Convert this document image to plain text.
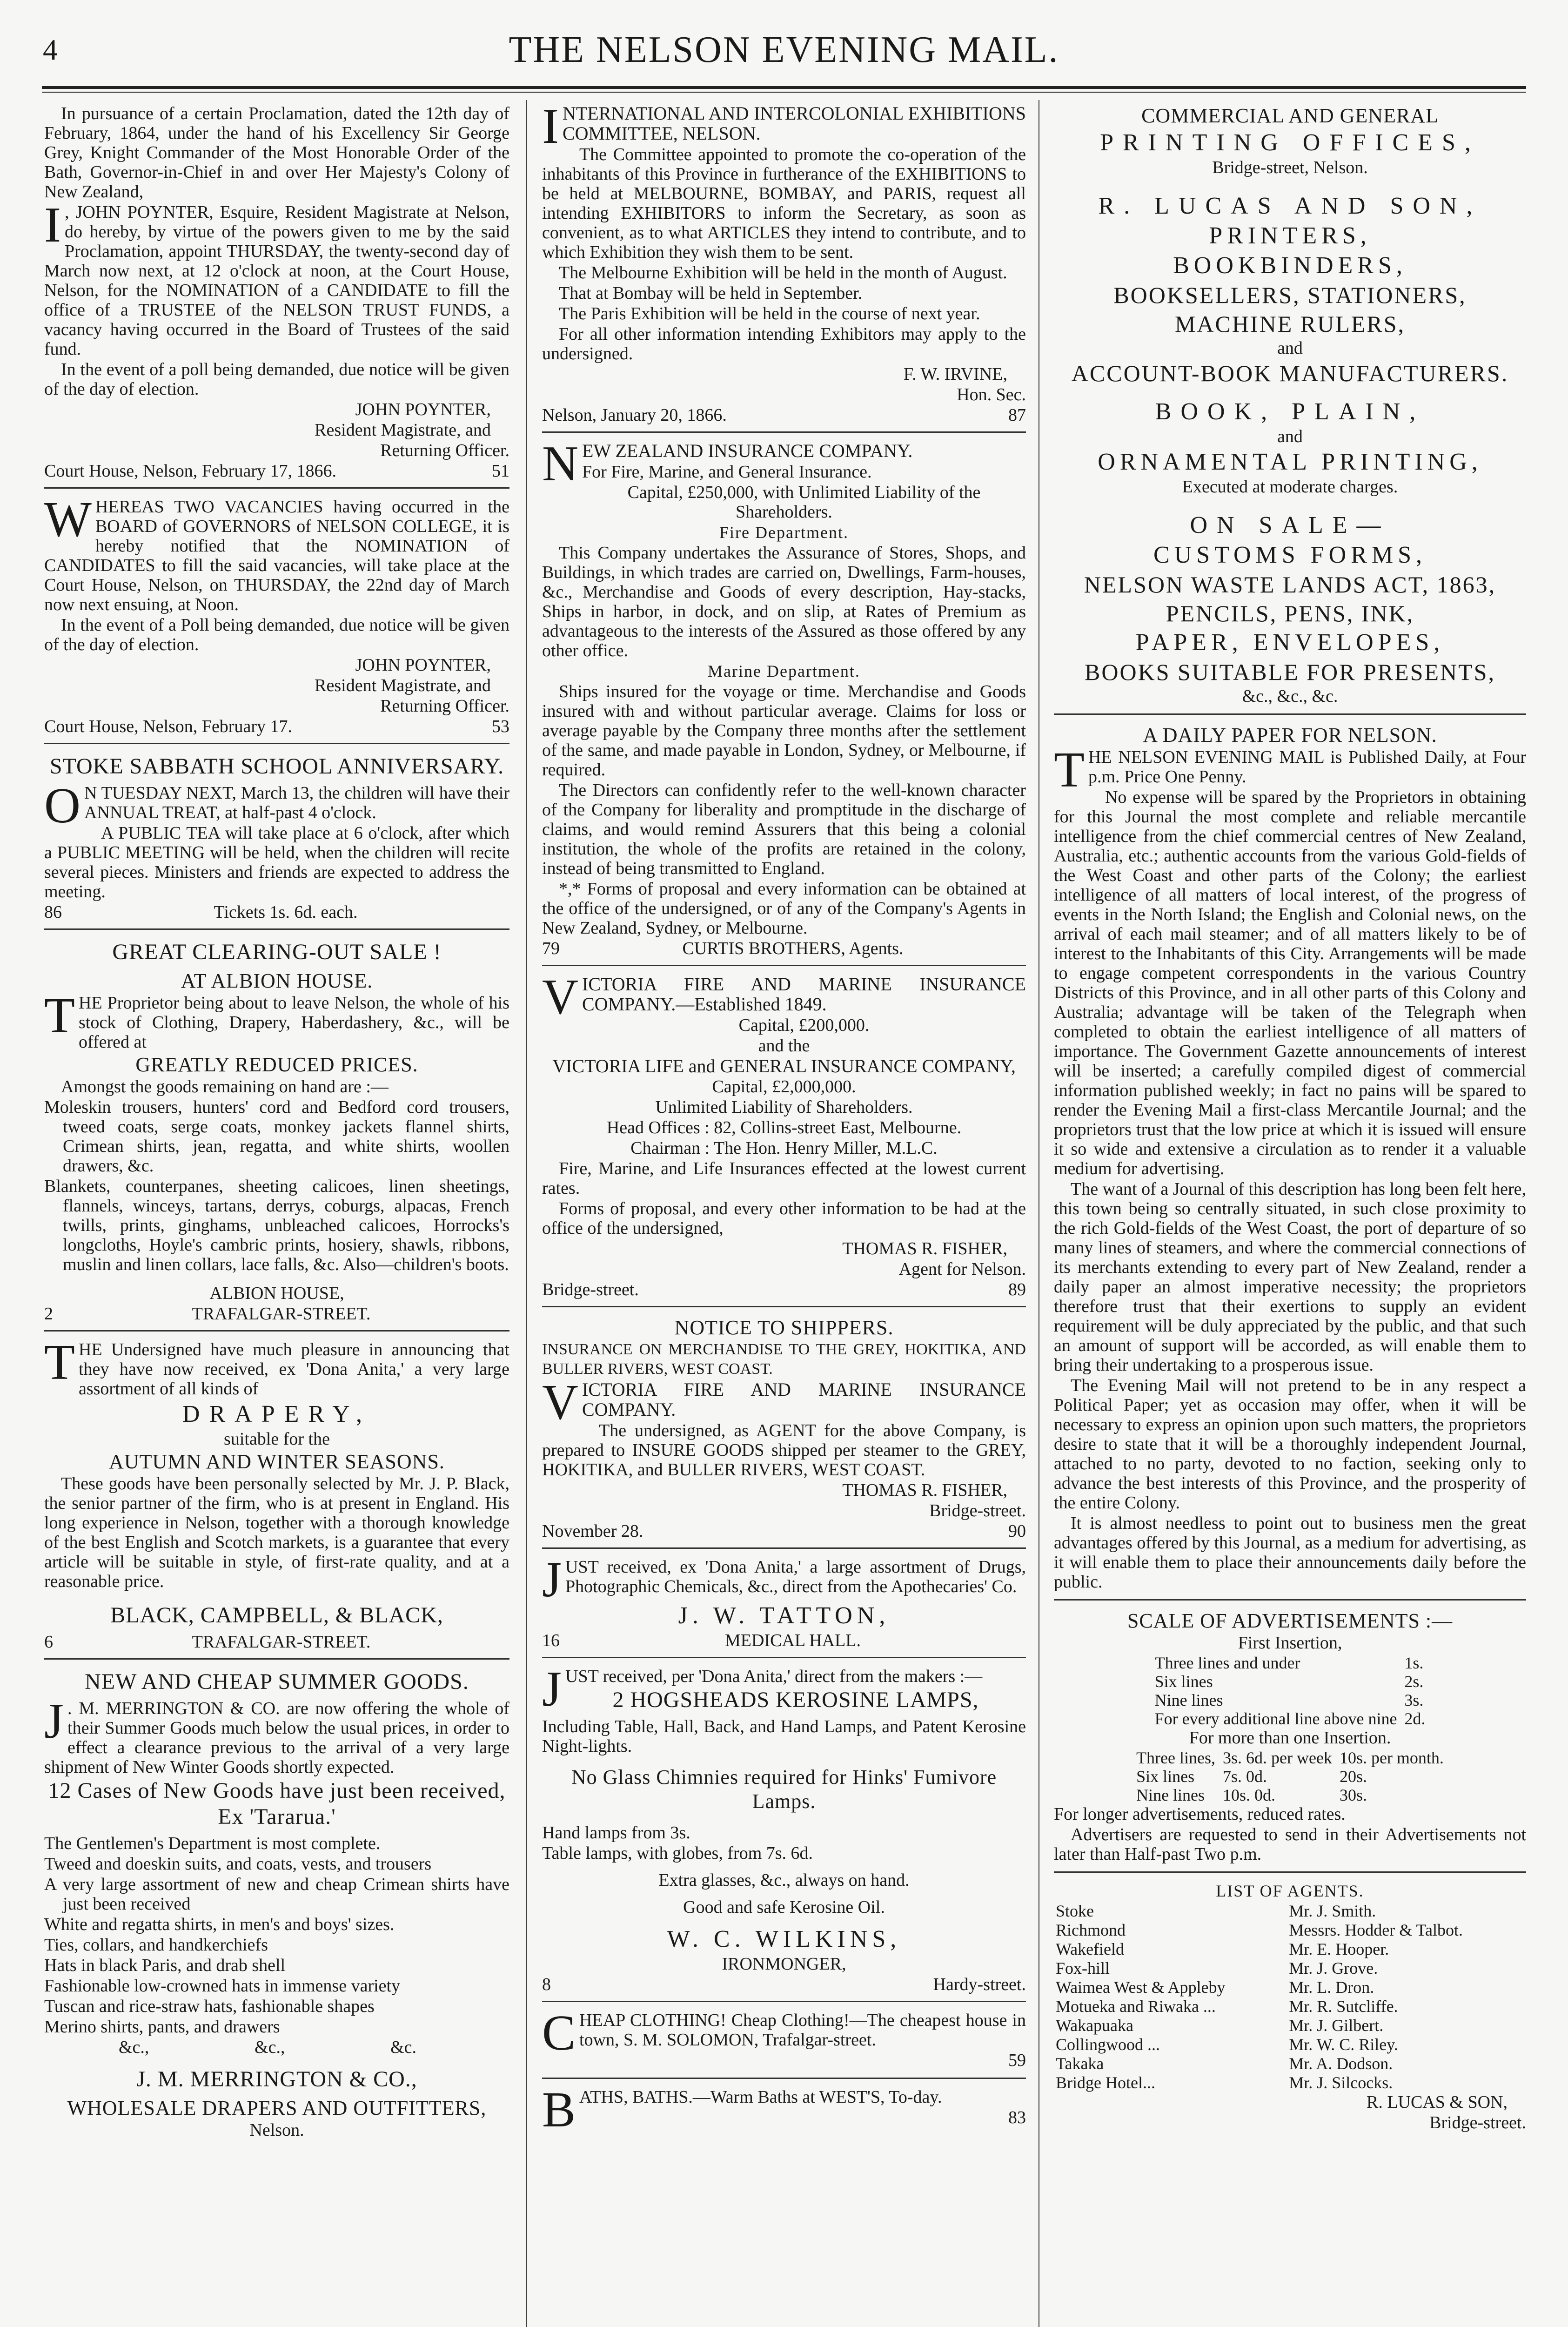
4	THE NELSON EVENING MAIL.

In pursuance of a certain Proclamation, dated the 12th day of February, 1864, under the hand of his Excellency Sir George Grey, Knight Commander of the Most Honorable Order of the Bath, Governor-in-Chief in and over Her Majesty's Colony of New Zealand,

I , JOHN POYNTER, Esquire, Resident Magistrate at Nelson, do hereby, by virtue of the powers given to me by the said Proclamation, appoint THURSDAY, the twenty-second day of March now next, at 12 o'clock at noon, at the Court House, Nelson, for the NOMINATION of a CANDIDATE to fill the office of a TRUSTEE of the NELSON TRUST FUNDS, a vacancy having occurred in the Board of Trustees of the said fund.

In the event of a poll being demanded, due notice will be given of the day of election.

JOHN POYNTER,

Resident Magistrate, and

Returning Officer.

Court House, Nelson, February 17, 1866.	51

WHEREAS TWO VACANCIES having occurred in the BOARD of GOVERNORS of NELSON COLLEGE, it is hereby notified that the NOMINATION of CANDIDATES to fill the said vacancies, will take place at the Court House, Nelson, on THURSDAY, the 22nd day of March now next ensuing, at Noon.

In the event of a Poll being demanded, due notice will be given of the day of election.

JOHN POYNTER,

Resident Magistrate, and

Returning Officer.

Court House, Nelson, February 17.	53
STOKE SABBATH SCHOOL ANNIVERSARY.

O N TUESDAY NEXT, March 13, the children will have their ANNUAL TREAT, at half-past 4 o'clock.

A PUBLIC TEA will take place at 6 o'clock, after which a PUBLIC MEETING will be held, when the children will recite several pieces. Ministers and friends are expected to address the meeting.

86	Tickets 1s. 6d. each.
GREAT CLEARING-OUT SALE !
AT ALBION HOUSE.

THE Proprietor being about to leave Nelson, the whole of his stock of Clothing, Drapery, Haberdashery, &c., will be offered at

GREATLY REDUCED PRICES.

Amongst the goods remaining on hand are :—

Moleskin trousers, hunters' cord and Bedford cord trousers, tweed coats, serge coats, monkey jackets flannel shirts, Crimean shirts, jean, regatta, and white shirts, woollen drawers, &c.

Blankets, counterpanes, sheeting calicoes, linen sheetings, flannels, winceys, tartans, derrys, coburgs, alpacas, French twills, prints, ginghams, unbleached calicoes, Horrocks's longcloths, Hoyle's cambric prints, hosiery, shawls, ribbons, muslin and linen collars, lace falls, &c. Also—children's boots.

ALBION HOUSE,

2	TRAFALGAR-STREET.

THE Undersigned have much pleasure in announcing that they have now received, ex 'Dona Anita,' a very large assortment of all kinds of

DRAPERY,

suitable for the

AUTUMN AND WINTER SEASONS.

These goods have been personally selected by Mr. J. P. Black, the senior partner of the firm, who is at present in England. His long experience in Nelson, together with a thorough knowledge of the best English and Scotch markets, is a guarantee that every article will be suitable in style, of first-rate quality, and at a reasonable price.

BLACK, CAMPBELL, & BLACK,
6	TRAFALGAR-STREET.
NEW AND CHEAP SUMMER GOODS.

J . M. MERRINGTON & CO. are now offering the whole of their Summer Goods much below the usual prices, in order to effect a clearance previous to the arrival of a very large shipment of New Winter Goods shortly expected.

12 Cases of New Goods have just been received, Ex 'Tararua.'

The Gentlemen's Department is most complete.

Tweed and doeskin suits, and coats, vests, and trousers

A very large assortment of new and cheap Crimean shirts have just been received

White and regatta shirts, in men's and boys' sizes.

Ties, collars, and handkerchiefs

Hats in black Paris, and drab shell

Fashionable low-crowned hats in immense variety

Tuscan and rice-straw hats, fashionable shapes

Merino shirts, pants, and drawers

&c.,	&c.,	&c.
J. M. MERRINGTON & CO.,
WHOLESALE DRAPERS AND OUTFITTERS,

Nelson.

INTERNATIONAL AND INTERCOLONIAL EXHIBITIONS COMMITTEE, NELSON.

The Committee appointed to promote the co-operation of the inhabitants of this Province in furtherance of the EXHIBITIONS to be held at MELBOURNE, BOMBAY, and PARIS, request all intending EXHIBITORS to inform the Secretary, as soon as convenient, as to what ARTICLES they intend to contribute, and to which Exhibition they wish them to be sent.

The Melbourne Exhibition will be held in the month of August.

That at Bombay will be held in September.

The Paris Exhibition will be held in the course of next year.

For all other information intending Exhibitors may apply to the undersigned.

F. W. IRVINE,

Hon. Sec.

Nelson, January 20, 1866.	87

NEW ZEALAND INSURANCE COMPANY.

For Fire, Marine, and General Insurance.

Capital, £250,000, with Unlimited Liability of the Shareholders.

Fire Department.

This Company undertakes the Assurance of Stores, Shops, and Buildings, in which trades are carried on, Dwellings, Farm-houses, &c., Merchandise and Goods of every description, Hay-stacks, Ships in harbor, in dock, and on slip, at Rates of Premium as advantageous to the interests of the Assured as those offered by any other office.

Marine Department.

Ships insured for the voyage or time. Merchandise and Goods insured with and without particular average. Claims for loss or average payable by the Company three months after the settlement of the same, and made payable in London, Sydney, or Melbourne, if required.

The Directors can confidently refer to the well-known character of the Company for liberality and promptitude in the discharge of claims, and would remind Assurers that this being a colonial institution, the whole of the profits are retained in the colony, instead of being transmitted to England.

*,* Forms of proposal and every information can be obtained at the office of the undersigned, or of any of the Company's Agents in New Zealand, Sydney, or Melbourne.

79	CURTIS BROTHERS, Agents.

VICTORIA FIRE AND MARINE INSURANCE COMPANY.—Established 1849.

Capital, £200,000.

and the

VICTORIA LIFE and GENERAL INSURANCE COMPANY,

Capital, £2,000,000.

Unlimited Liability of Shareholders.

Head Offices : 82, Collins-street East, Melbourne.

Chairman : The Hon. Henry Miller, M.L.C.

Fire, Marine, and Life Insurances effected at the lowest current rates.

Forms of proposal, and every other information to be had at the office of the undersigned,

THOMAS R. FISHER,

Agent for Nelson.

Bridge-street.	89
NOTICE TO SHIPPERS.

INSURANCE ON MERCHANDISE TO THE GREY, HOKITIKA, AND BULLER RIVERS, WEST COAST.

VICTORIA FIRE AND MARINE INSURANCE COMPANY.

The undersigned, as AGENT for the above Company, is prepared to INSURE GOODS shipped per steamer to the GREY, HOKITIKA, and BULLER RIVERS, WEST COAST.

THOMAS R. FISHER,

Bridge-street.

November 28.	90

JUST received, ex 'Dona Anita,' a large assortment of Drugs, Photographic Chemicals, &c., direct from the Apothecaries' Co.

J. W. TATTON,
16	MEDICAL HALL.

JUST received, per 'Dona Anita,' direct from the makers :—

2 HOGSHEADS KEROSINE LAMPS,

Including Table, Hall, Back, and Hand Lamps, and Patent Kerosine Night-lights.

No Glass Chimnies required for Hinks' Fumivore Lamps.

Hand lamps from 3s.

Table lamps, with globes, from 7s. 6d.

Extra glasses, &c., always on hand.

Good and safe Kerosine Oil.

W. C. WILKINS,

IRONMONGER,

8	Hardy-street.

CHEAP CLOTHING! Cheap Clothing!—The cheapest house in town, S. M. SOLOMON, Trafalgar-street.

59

BATHS, BATHS.—Warm Baths at WEST'S, To-day.

83

COMMERCIAL AND GENERAL
PRINTING OFFICES,

Bridge-street, Nelson.

R. LUCAS AND SON,
PRINTERS,
BOOKBINDERS,
BOOKSELLERS, STATIONERS,
MACHINE RULERS,

and

ACCOUNT-BOOK MANUFACTURERS.
BOOK, PLAIN,

and

ORNAMENTAL PRINTING,

Executed at moderate charges.

ON SALE—
CUSTOMS FORMS,
NELSON WASTE LANDS ACT, 1863,
PENCILS, PENS, INK,
PAPER, ENVELOPES,
BOOKS SUITABLE FOR PRESENTS,

&c., &c., &c.

A DAILY PAPER FOR NELSON.

THE NELSON EVENING MAIL is Published Daily, at Four p.m. Price One Penny.

No expense will be spared by the Proprietors in obtaining for this Journal the most complete and reliable mercantile intelligence from the chief commercial centres of New Zealand, Australia, etc.; authentic accounts from the various Gold-fields of the West Coast and other parts of the Colony; the earliest intelligence of all matters of local interest, of the progress of events in the North Island; the English and Colonial news, on the arrival of each mail steamer; and of all matters likely to be of interest to the Inhabitants of this City. Arrangements will be made to engage competent correspondents in the various Country Districts of this Province, and in all other parts of this Colony and Australia; advantage will be taken of the Telegraph when completed to obtain the earliest intelligence of all matters of importance. The Government Gazette announcements of interest will be inserted; a carefully compiled digest of commercial information published weekly; in fact no pains will be spared to render the Evening Mail a first-class Mercantile Journal; and the proprietors trust that the low price at which it is issued will ensure it so wide and extensive a circulation as to render it a valuable medium for advertising.

The want of a Journal of this description has long been felt here, this town being so centrally situated, in such close proximity to the rich Gold-fields of the West Coast, the port of departure of so many lines of steamers, and where the commercial connections of its merchants extending to every part of New Zealand, render a daily paper an almost imperative necessity; the proprietors therefore trust that their exertions to supply an evident requirement will be duly appreciated by the public, and that such an amount of support will be accorded, as will enable them to bring their undertaking to a prosperous issue.

The Evening Mail will not pretend to be in any respect a Political Paper; yet as occasion may offer, when it will be necessary to express an opinion upon such matters, the proprietors desire to state that it will be a thoroughly independent Journal, attached to no party, devoted to no faction, seeking only to advance the best interests of this Province, and the prosperity of the entire Colony.

It is almost needless to point out to business men the great advantages offered by this Journal, as a medium for advertising, as it will enable them to place their announcements daily before the public.

SCALE OF ADVERTISEMENTS :—

First Insertion,

Three lines and under	1s.
Six lines	2s.
Nine lines	3s.
For every additional line above nine	2d.

For more than one Insertion.

Three lines,	3s. 6d. per week	10s. per month.
Six lines	7s. 0d.	20s.
Nine lines	10s. 0d.	30s.

For longer advertisements, reduced rates.

Advertisers are requested to send in their Advertisements not later than Half-past Two p.m.

LIST OF AGENTS.

Stoke	Mr. J. Smith.
Richmond	Messrs. Hodder & Talbot.
Wakefield	Mr. E. Hooper.
Fox-hill	Mr. J. Grove.
Waimea West & Appleby	Mr. L. Dron.
Motueka and Riwaka ...	Mr. R. Sutcliffe.
Wakapuaka	Mr. J. Gilbert.
Collingwood ...	Mr. W. C. Riley.
Takaka	Mr. A. Dodson.
Bridge Hotel...	Mr. J. Silcocks.

R. LUCAS & SON,

Bridge-street.
